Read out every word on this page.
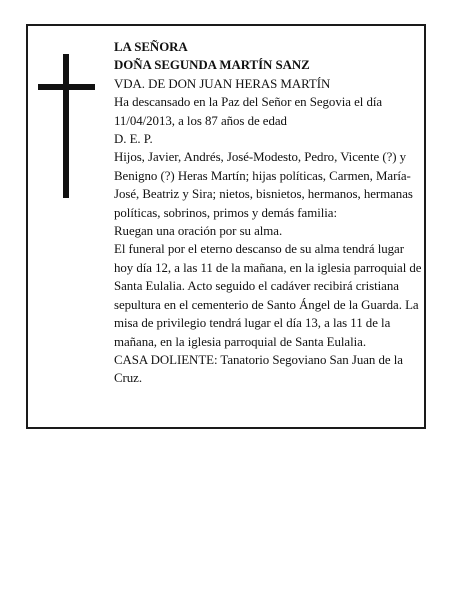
LA SEÑORA

DOÑA SEGUNDA MARTÍN SANZ

VDA. DE DON JUAN HERAS MARTÍN

Ha descansado en la Paz del Señor en Segovia el día 11/04/2013, a los 87 años de edad

D. E. P.

Hijos, Javier, Andrés, José-Modesto, Pedro, Vicente (?) y Benigno (?) Heras Martín; hijas políticas, Carmen, María-José, Beatriz y Sira; nietos, bisnietos, hermanos, hermanas políticas, sobrinos, primos y demás familia:

Ruegan una oración por su alma.

El funeral por el eterno descanso de su alma tendrá lugar hoy día 12, a las 11 de la mañana, en la iglesia parroquial de Santa Eulalia. Acto seguido el cadáver recibirá cristiana sepultura en el cementerio de Santo Ángel de la Guarda. La misa de privilegio tendrá lugar el día 13, a las 11 de la mañana, en la iglesia parroquial de Santa Eulalia.

CASA DOLIENTE: Tanatorio Segoviano San Juan de la Cruz.
